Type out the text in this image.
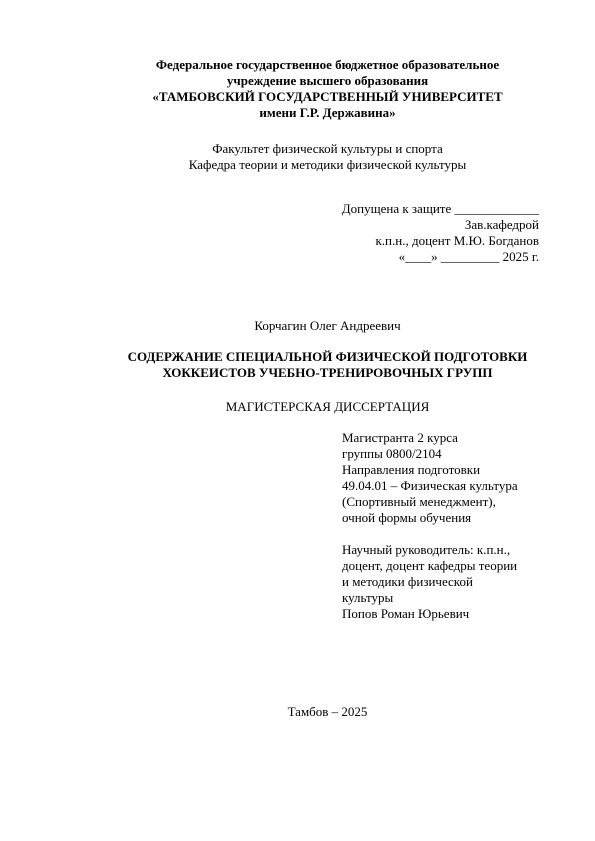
Федеральное государственное бюджетное образовательное
учреждение высшего образования
«ТАМБОВСКИЙ ГОСУДАРСТВЕННЫЙ УНИВЕРСИТЕТ
имени Г.Р. Державина»
Факультет физической культуры и спорта
Кафедра теории и методики физической культуры
Допущена к защите _____________
Зав.кафедрой
к.п.н., доцент М.Ю. Богданов
«____» _________ 2025 г.
Корчагин Олег Андреевич
СОДЕРЖАНИЕ СПЕЦИАЛЬНОЙ ФИЗИЧЕСКОЙ ПОДГОТОВКИ
ХОККЕИСТОВ УЧЕБНО-ТРЕНИРОВОЧНЫХ ГРУПП
МАГИСТЕРСКАЯ ДИССЕРТАЦИЯ
Магистранта 2 курса
группы 0800/2104
Направления подготовки
49.04.01 – Физическая культура
(Спортивный менеджмент),
очной формы обучения
Научный руководитель: к.п.н.,
доцент, доцент кафедры теории
и методики физической
культуры
Попов Роман Юрьевич
Тамбов – 2025
